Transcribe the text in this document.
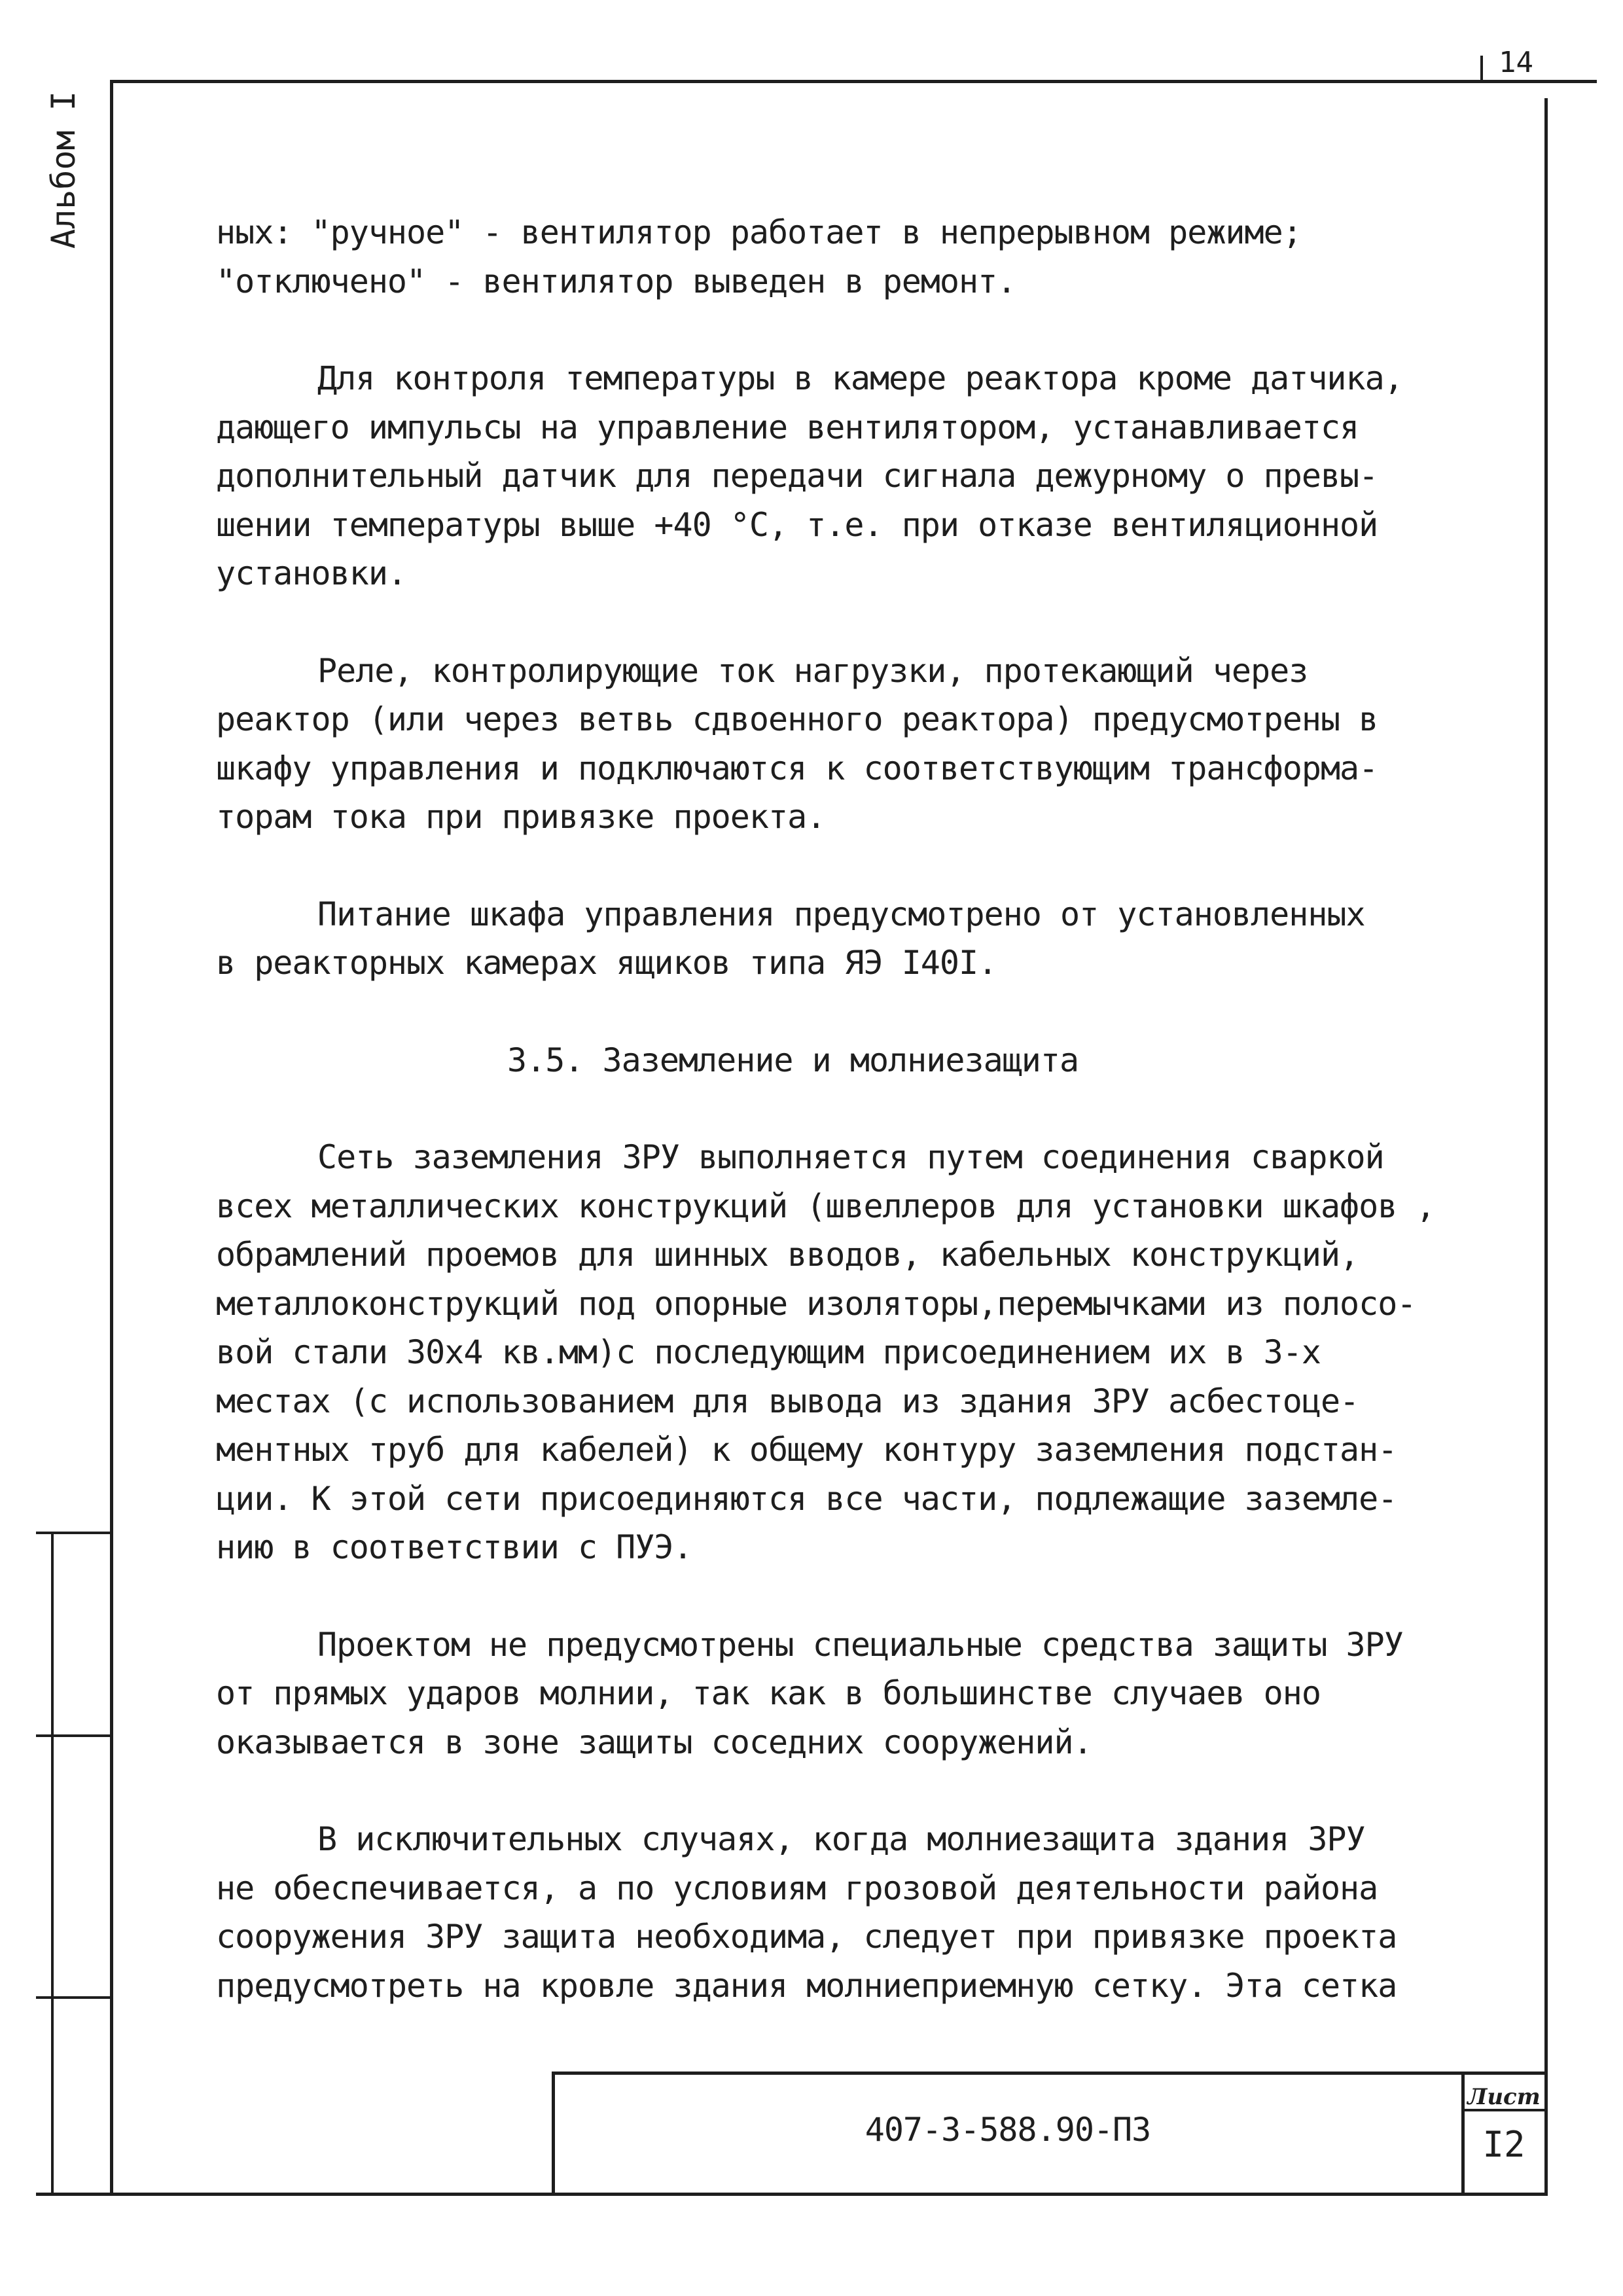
14
Альбом I
407-3-588.90-ПЗ
Лист
I2

ных: "ручное" - вентилятор работает в непрерывном режиме;

"отключено" - вентилятор выведен в ремонт.

Для контроля температуры в камере реактора кроме датчика,

дающего импульсы на управление вентилятором, устанавливается

дополнительный датчик для передачи сигнала дежурному о превы-

шении температуры выше +40 °С, т.е. при отказе вентиляционной

установки.

Реле, контролирующие ток нагрузки, протекающий через

реактор (или через ветвь сдвоенного реактора) предусмотрены в

шкафу управления и подключаются к соответствующим трансформа-

торам тока при привязке проекта.

Питание шкафа управления предусмотрено от установленных

в реакторных камерах ящиков типа ЯЭ I40I.

3.5. Заземление и молниезащита

Сеть заземления ЗРУ выполняется путем соединения сваркой

всех металлических конструкций (швеллеров для установки шкафов ,

обрамлений проемов для шинных вводов, кабельных конструкций,

металлоконструкций под опорные изоляторы,перемычками из полосо-

вой стали 30х4 кв.мм)с последующим присоединением их в 3-х

местах (с использованием для вывода из здания ЗРУ асбестоце-

ментных труб для кабелей) к общему контуру заземления подстан-

ции. К этой сети присоединяются все части, подлежащие заземле-

нию в соответствии с ПУЭ.

Проектом не предусмотрены специальные средства защиты ЗРУ

от прямых ударов молнии, так как в большинстве случаев оно

оказывается в зоне защиты соседних сооружений.

В исключительных случаях, когда молниезащита здания ЗРУ

не обеспечивается, а по условиям грозовой деятельности района

сооружения ЗРУ защита необходима, следует при привязке проекта

предусмотреть на кровле здания молниеприемную сетку. Эта сетка
